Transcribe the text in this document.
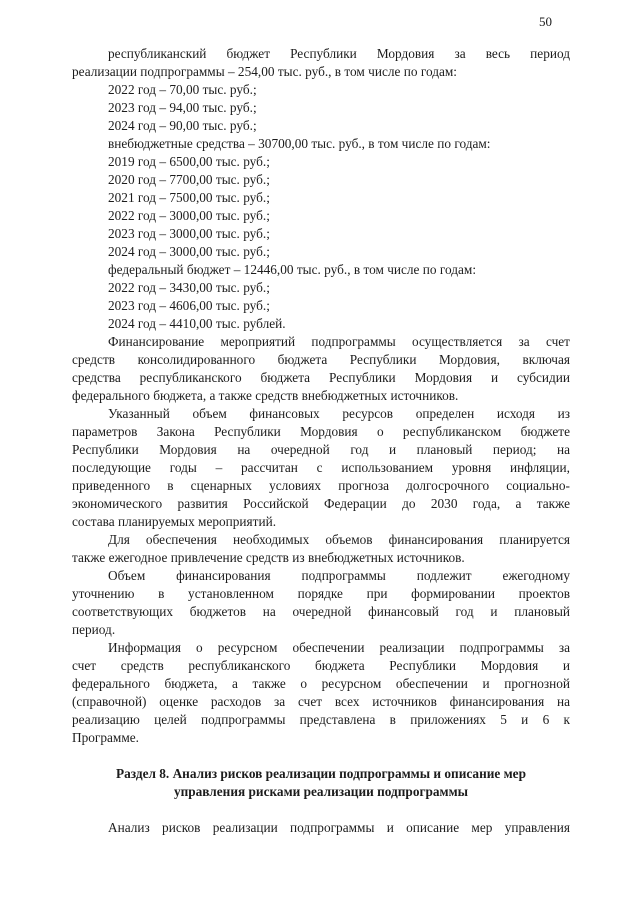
50
республиканский бюджет Республики Мордовия за весь период
реализации подпрограммы – 254,00 тыс. руб., в том числе по годам:
2022 год – 70,00 тыс. руб.;
2023 год – 94,00 тыс. руб.;
2024 год – 90,00 тыс. руб.;
внебюджетные средства – 30700,00 тыс. руб., в том числе по годам:
2019 год – 6500,00 тыс. руб.;
2020 год – 7700,00 тыс. руб.;
2021 год – 7500,00 тыс. руб.;
2022 год – 3000,00 тыс. руб.;
2023 год – 3000,00 тыс. руб.;
2024 год – 3000,00 тыс. руб.;
федеральный бюджет – 12446,00 тыс. руб., в том числе по годам:
2022 год – 3430,00 тыс. руб.;
2023 год – 4606,00 тыс. руб.;
2024 год – 4410,00 тыс. рублей.
Финансирование мероприятий подпрограммы осуществляется за счет
средств консолидированного бюджета Республики Мордовия, включая
средства республиканского бюджета Республики Мордовия и субсидии
федерального бюджета, а также средств внебюджетных источников.
Указанный объем финансовых ресурсов определен исходя из
параметров Закона Республики Мордовия о республиканском бюджете
Республики Мордовия на очередной год и плановый период; на
последующие годы – рассчитан с использованием уровня инфляции,
приведенного в сценарных условиях прогноза долгосрочного социально-
экономического развития Российской Федерации до 2030 года, а также
состава планируемых мероприятий.
Для обеспечения необходимых объемов финансирования планируется
также ежегодное привлечение средств из внебюджетных источников.
Объем финансирования подпрограммы подлежит ежегодному
уточнению в установленном порядке при формировании проектов
соответствующих бюджетов на очередной финансовый год и плановый
период.
Информация о ресурсном обеспечении реализации подпрограммы за
счет средств республиканского бюджета Республики Мордовия и
федерального бюджета, а также о ресурсном обеспечении и прогнозной
(справочной) оценке расходов за счет всех источников финансирования на
реализацию целей подпрограммы представлена в приложениях 5 и 6 к
Программе.
Раздел 8. Анализ рисков реализации подпрограммы и описание мер
управления рисками реализации подпрограммы
Анализ рисков реализации подпрограммы и описание мер управления
